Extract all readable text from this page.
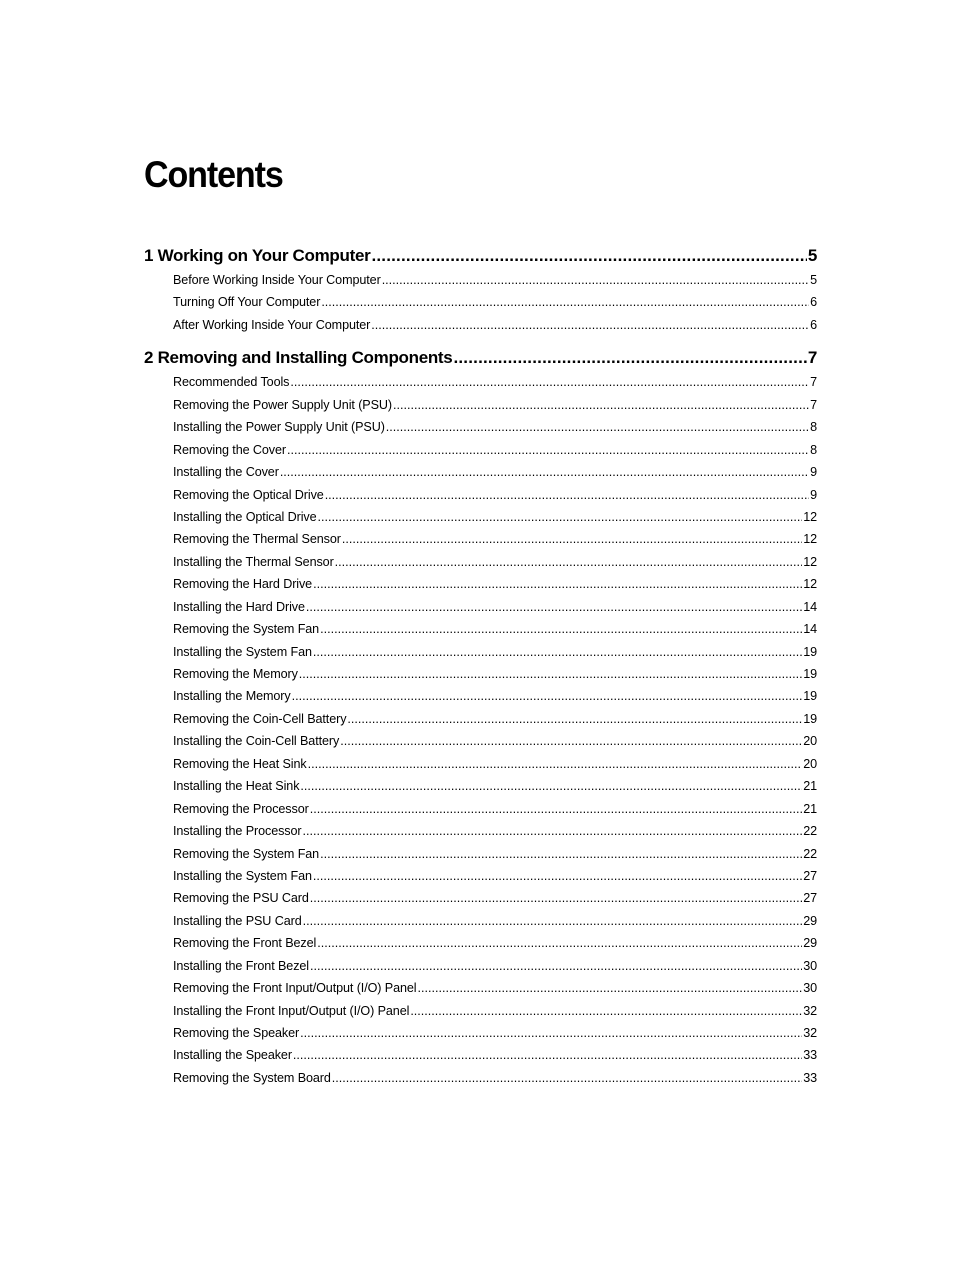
Contents
1 Working on Your Computer .....	5
Before Working Inside Your Computer .....	5
Turning Off Your Computer .....	6
After Working Inside Your Computer .....	6
2 Removing and Installing Components .....	7
Recommended Tools .....	7
Removing the Power Supply Unit (PSU) .....	7
Installing the Power Supply Unit (PSU) .....	8
Removing the Cover .....	8
Installing the Cover .....	9
Removing the Optical Drive .....	9
Installing the Optical Drive .....	12
Removing the Thermal Sensor .....	12
Installing the Thermal Sensor .....	12
Removing the Hard Drive .....	12
Installing the Hard Drive .....	14
Removing the System Fan .....	14
Installing the System Fan .....	19
Removing the Memory .....	19
Installing the Memory .....	19
Removing the Coin-Cell Battery .....	19
Installing the Coin-Cell Battery .....	20
Removing the Heat Sink .....	20
Installing the Heat Sink .....	21
Removing the Processor .....	21
Installing the Processor .....	22
Removing the System Fan .....	22
Installing the System Fan .....	27
Removing the PSU Card .....	27
Installing the PSU Card .....	29
Removing the Front Bezel .....	29
Installing the Front Bezel .....	30
Removing the Front Input/Output (I/O) Panel .....	30
Installing the Front Input/Output (I/O) Panel .....	32
Removing the Speaker .....	32
Installing the Speaker .....	33
Removing the System Board .....	33
